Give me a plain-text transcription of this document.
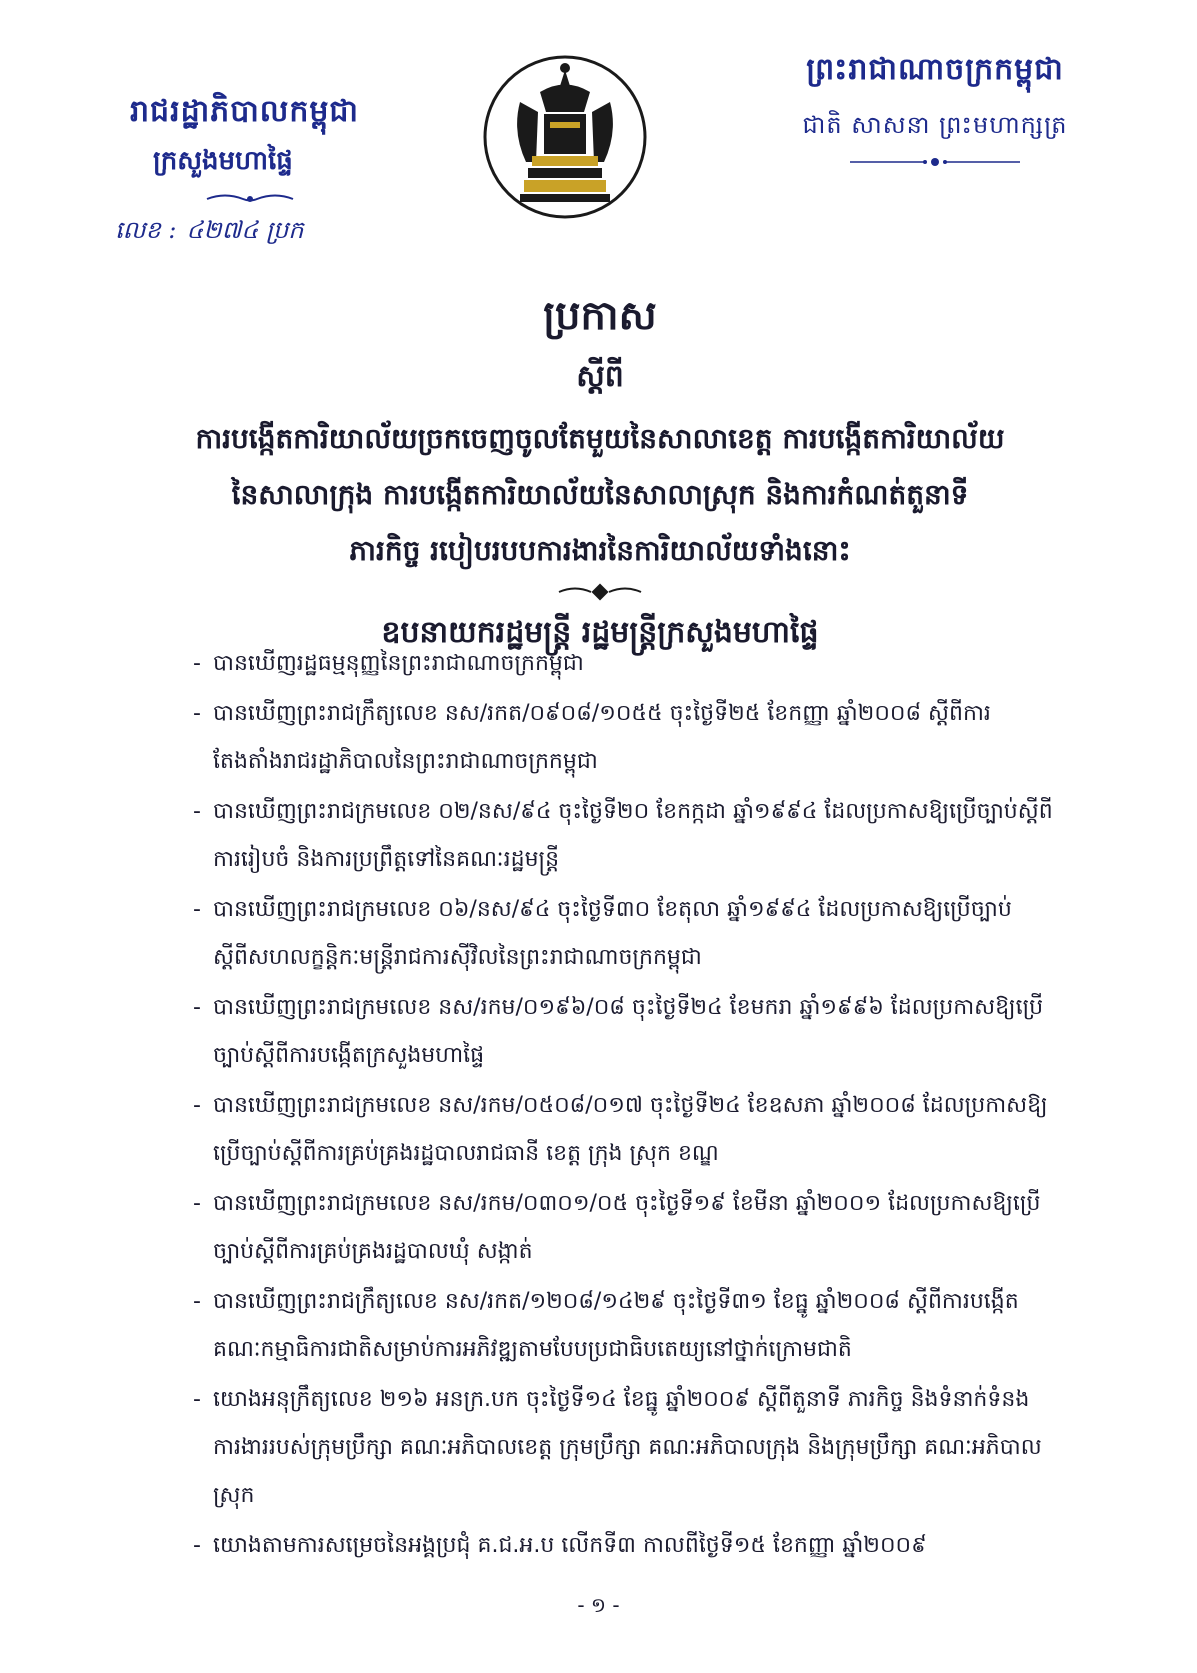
រាជរដ្ឋាភិបាលកម្ពុជា
ក្រសួងមហាផ្ទៃ
លេខ : ៤២៧៤ ប្រក
ព្រះរាជាណាចក្រកម្ពុជា
ជាតិ សាសនា ព្រះមហាក្សត្រ
ប្រកាស
ស្តីពី
ការបង្កើតការិយាល័យច្រកចេញចូលតែមួយនៃសាលាខេត្ត ការបង្កើតការិយាល័យ
នៃសាលាក្រុង ការបង្កើតការិយាល័យនៃសាលាស្រុក និងការកំណត់តួនាទី
ភារកិច្ច របៀបរបបការងារនៃការិយាល័យទាំងនោះ
ឧបនាយករដ្ឋមន្ត្រី រដ្ឋមន្ត្រីក្រសួងមហាផ្ទៃ
- បានឃើញរដ្ឋធម្មនុញ្ញនៃព្រះរាជាណាចក្រកម្ពុជា
- បានឃើញព្រះរាជក្រឹត្យលេខ នស/រកត/០៩០៨/១០៥៥ ចុះថ្ងៃទី២៥ ខែកញ្ញា ឆ្នាំ២០០៨ ស្តីពីការតែងតាំងរាជរដ្ឋាភិបាលនៃព្រះរាជាណាចក្រកម្ពុជា
- បានឃើញព្រះរាជក្រមលេខ ០២/នស/៩៤ ចុះថ្ងៃទី២០ ខែកក្កដា ឆ្នាំ១៩៩៤ ដែលប្រកាសឱ្យប្រើច្បាប់ស្តីពីការរៀបចំ និងការប្រព្រឹត្តទៅនៃគណៈរដ្ឋមន្ត្រី
- បានឃើញព្រះរាជក្រមលេខ ០៦/នស/៩៤ ចុះថ្ងៃទី៣០ ខែតុលា ឆ្នាំ១៩៩៤ ដែលប្រកាសឱ្យប្រើច្បាប់ស្តីពីសហលក្ខន្តិកៈមន្ត្រីរាជការស៊ីវិលនៃព្រះរាជាណាចក្រកម្ពុជា
- បានឃើញព្រះរាជក្រមលេខ នស/រកម/០១៩៦/០៨ ចុះថ្ងៃទី២៤ ខែមករា ឆ្នាំ១៩៩៦ ដែលប្រកាសឱ្យប្រើច្បាប់ស្តីពីការបង្កើតក្រសួងមហាផ្ទៃ
- បានឃើញព្រះរាជក្រមលេខ នស/រកម/០៥០៨/០១៧ ចុះថ្ងៃទី២៤ ខែឧសភា ឆ្នាំ២០០៨ ដែលប្រកាសឱ្យប្រើច្បាប់ស្តីពីការគ្រប់គ្រងរដ្ឋបាលរាជធានី ខេត្ត ក្រុង ស្រុក ខណ្ឌ
- បានឃើញព្រះរាជក្រមលេខ នស/រកម/០៣០១/០៥ ចុះថ្ងៃទី១៩ ខែមីនា ឆ្នាំ២០០១ ដែលប្រកាសឱ្យប្រើច្បាប់ស្តីពីការគ្រប់គ្រងរដ្ឋបាលឃុំ សង្កាត់
- បានឃើញព្រះរាជក្រឹត្យលេខ នស/រកត/១២០៨/១៤២៩ ចុះថ្ងៃទី៣១ ខែធ្នូ ឆ្នាំ២០០៨ ស្តីពីការបង្កើតគណៈកម្មាធិការជាតិសម្រាប់ការអភិវឌ្ឍតាមបែបប្រជាធិបតេយ្យនៅថ្នាក់ក្រោមជាតិ
- យោងអនុក្រឹត្យលេខ ២១៦ អនក្រ.បក ចុះថ្ងៃទី១៤ ខែធ្នូ ឆ្នាំ២០០៩ ស្តីពីតួនាទី ភារកិច្ច និងទំនាក់ទំនងការងាររបស់ក្រុមប្រឹក្សា គណៈអភិបាលខេត្ត ក្រុមប្រឹក្សា គណៈអភិបាលក្រុង និងក្រុមប្រឹក្សា គណៈអភិបាលស្រុក
- យោងតាមការសម្រេចនៃអង្គប្រជុំ គ.ជ.អ.ប លើកទី៣ កាលពីថ្ងៃទី១៥ ខែកញ្ញា ឆ្នាំ២០០៩
- ១ -
